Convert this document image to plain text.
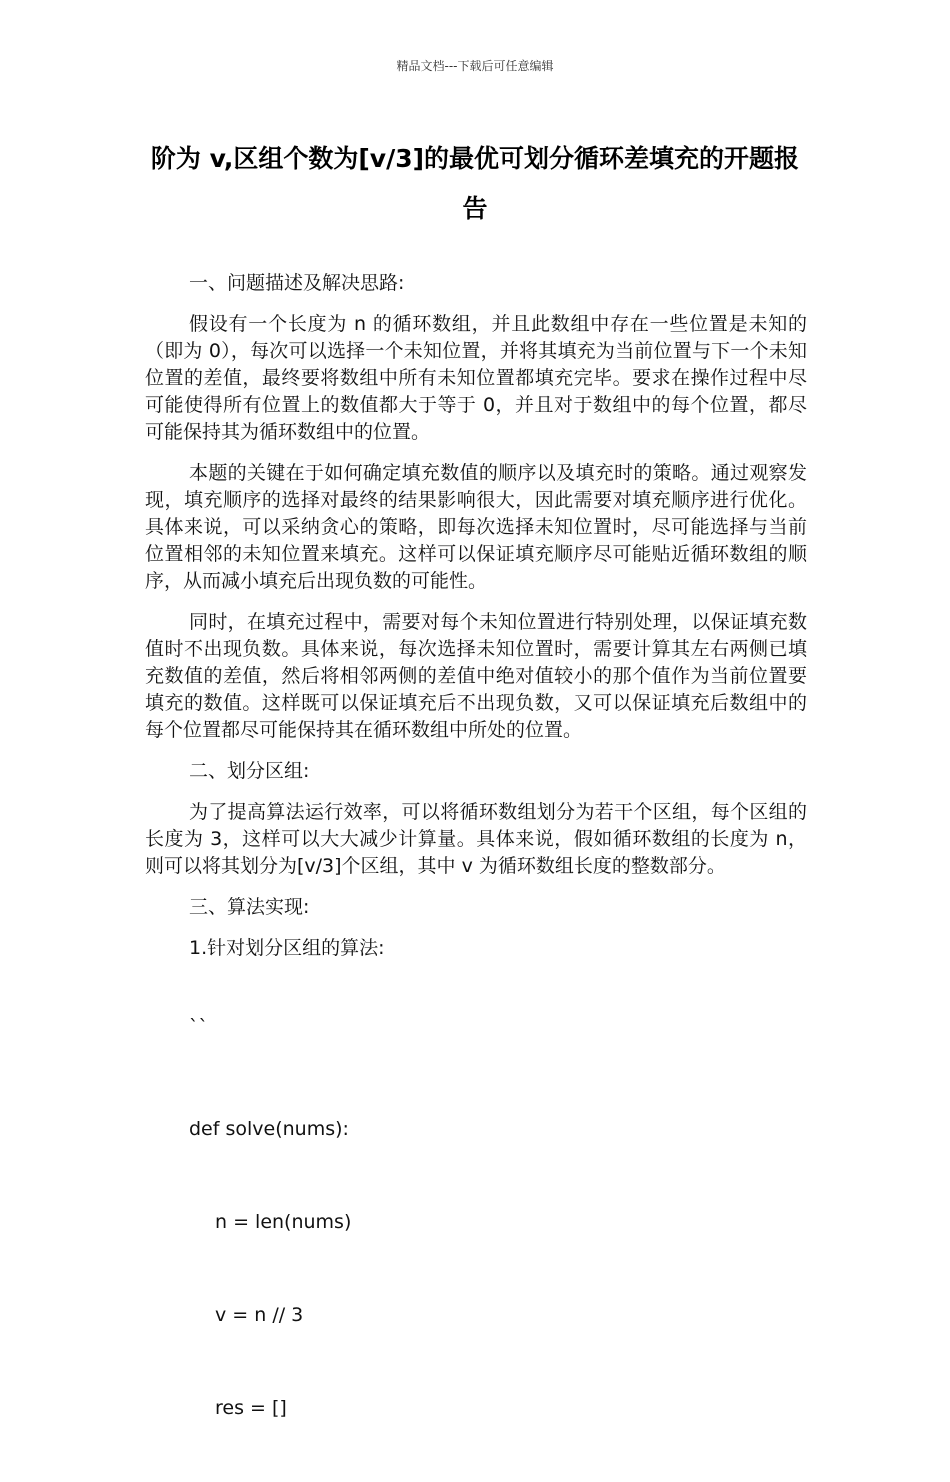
精品文档---下载后可任意编辑
阶为 v,区组个数为[v/3]的最优可划分循环差填充的开题报告

一、问题描述及解决思路:

假设有一个长度为 n 的循环数组，并且此数组中存在一些位置是未知的（即为 0），每次可以选择一个未知位置，并将其填充为当前位置与下一个未知位置的差值，最终要将数组中所有未知位置都填充完毕。要求在操作过程中尽可能使得所有位置上的数值都大于等于 0，并且对于数组中的每个位置，都尽可能保持其为循环数组中的位置。

本题的关键在于如何确定填充数值的顺序以及填充时的策略。通过观察发现，填充顺序的选择对最终的结果影响很大，因此需要对填充顺序进行优化。具体来说，可以采纳贪心的策略，即每次选择未知位置时，尽可能选择与当前位置相邻的未知位置来填充。这样可以保证填充顺序尽可能贴近循环数组的顺序，从而减小填充后出现负数的可能性。

同时，在填充过程中，需要对每个未知位置进行特别处理，以保证填充数值时不出现负数。具体来说，每次选择未知位置时，需要计算其左右两侧已填充数值的差值，然后将相邻两侧的差值中绝对值较小的那个值作为当前位置要填充的数值。这样既可以保证填充后不出现负数，又可以保证填充后数组中的每个位置都尽可能保持其在循环数组中所处的位置。

二、划分区组:

为了提高算法运行效率，可以将循环数组划分为若干个区组，每个区组的长度为 3，这样可以大大减少计算量。具体来说，假如循环数组的长度为 n，则可以将其划分为[v/3]个区组，其中 v 为循环数组长度的整数部分。

三、算法实现:

1.针对划分区组的算法:

``

def solve(nums):

n = len(nums)

v = n // 3

res = []
